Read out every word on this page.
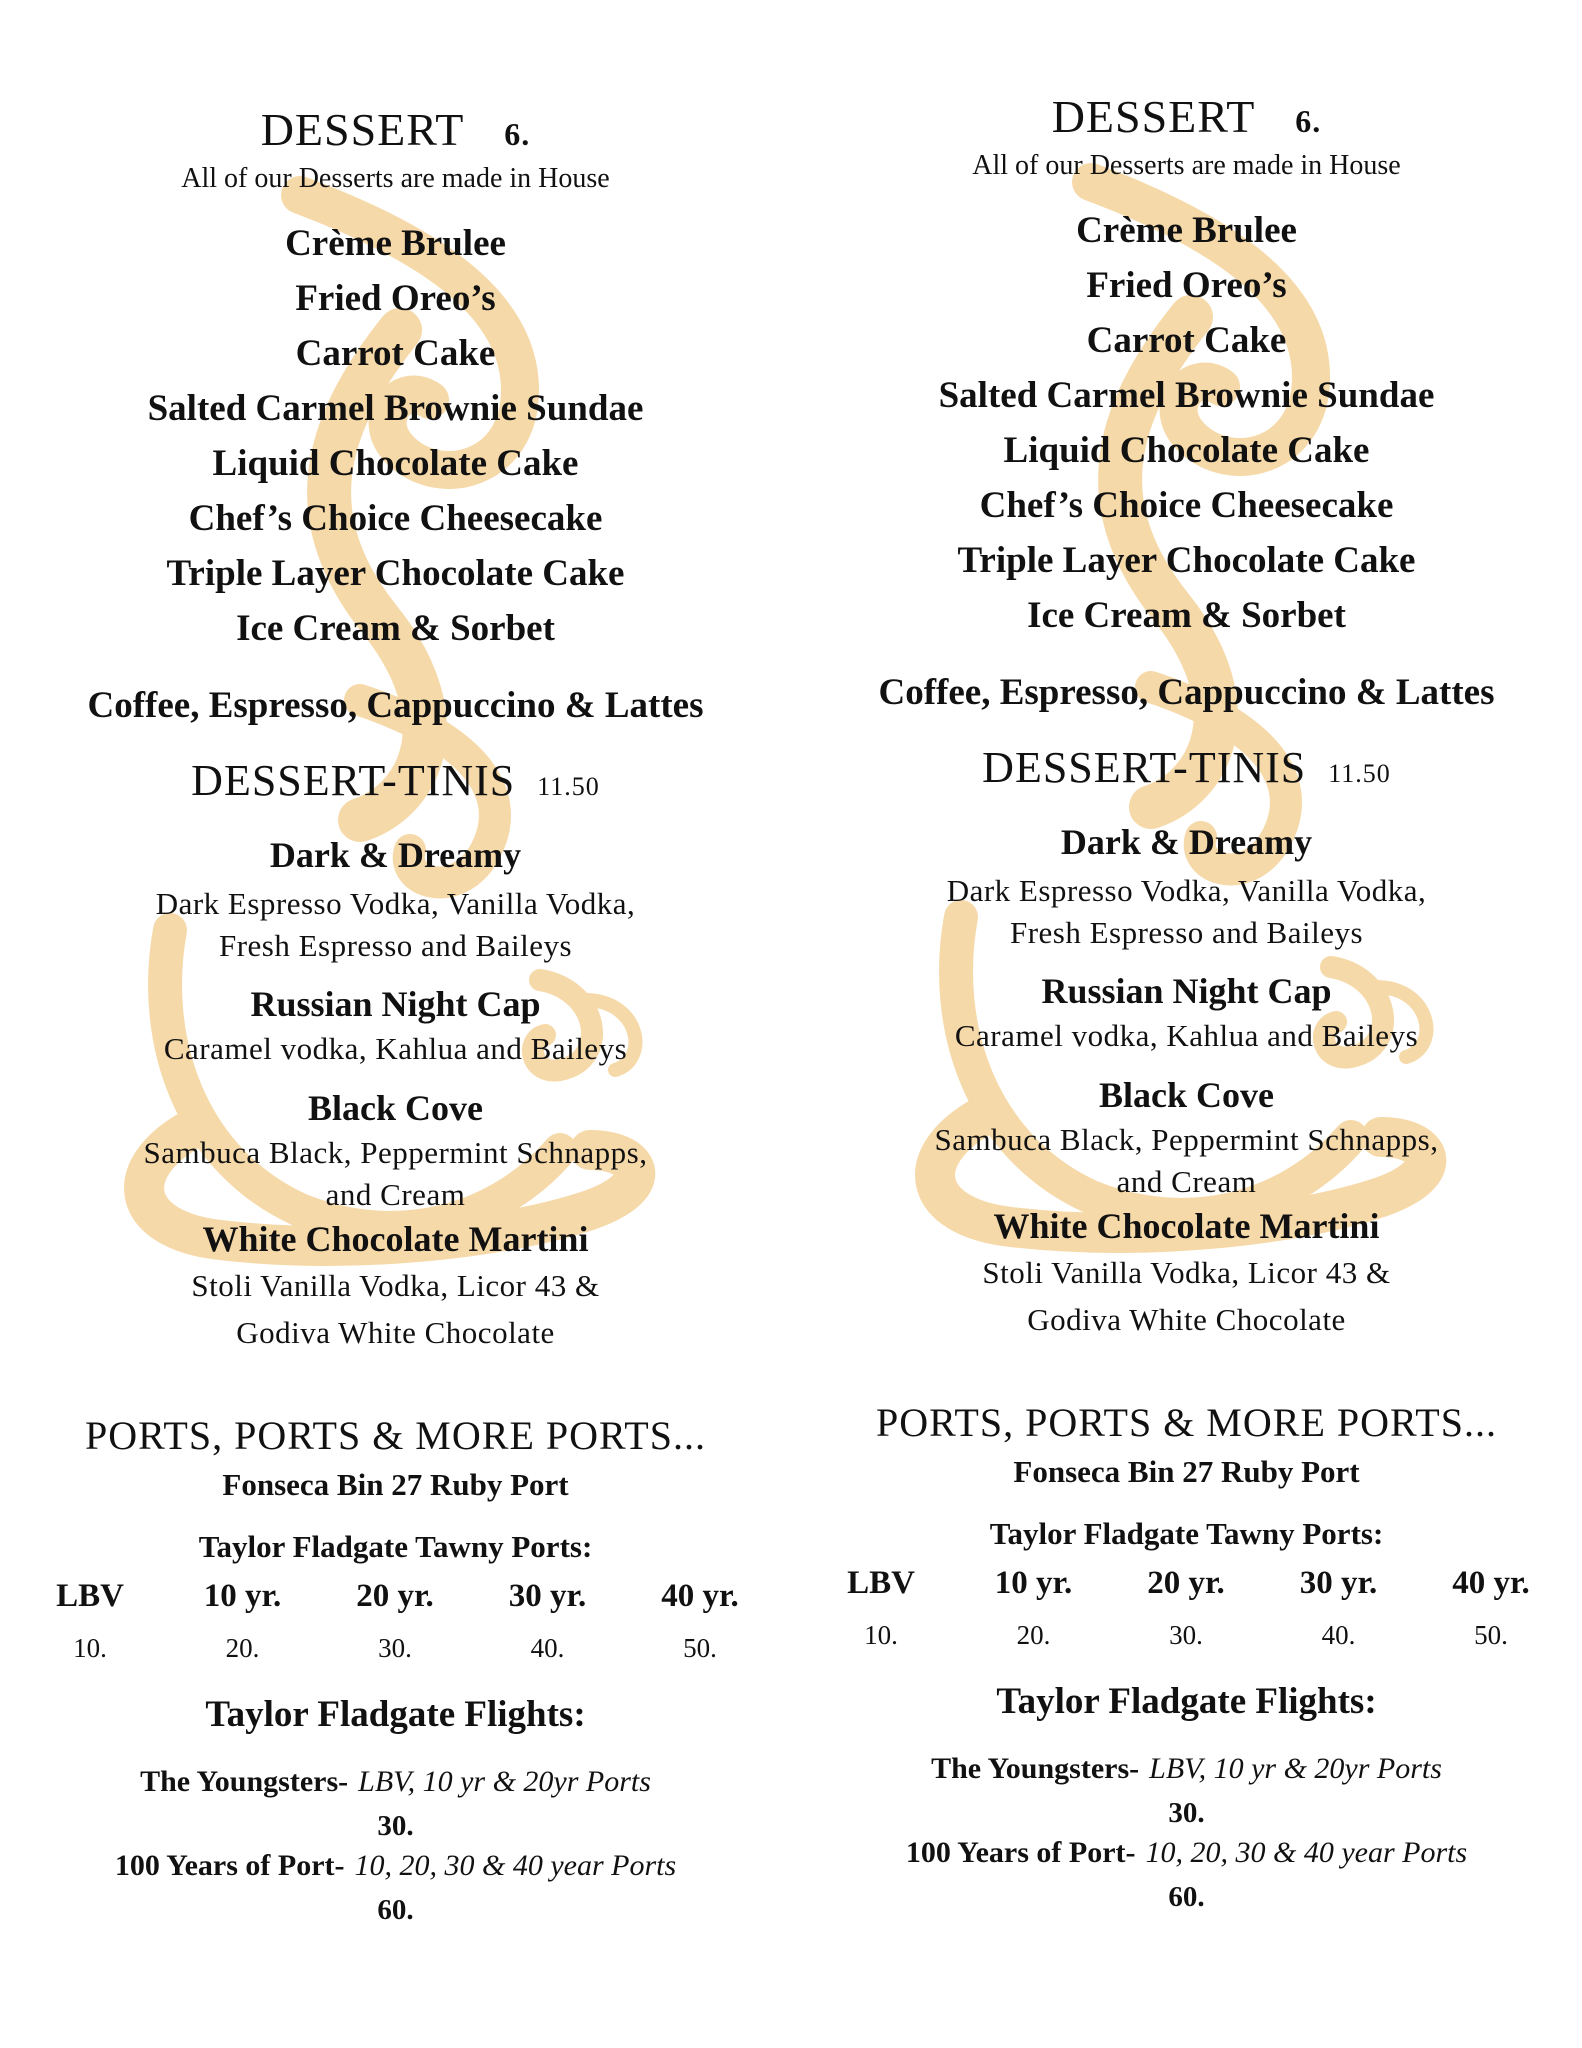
DESSERT 6.
All of our Desserts are made in House
Crème Brulee
Fried Oreo’s
Carrot Cake
Salted Carmel Brownie Sundae
Liquid Chocolate Cake
Chef’s Choice Cheesecake
Triple Layer Chocolate Cake
Ice Cream & Sorbet
Coffee, Espresso, Cappuccino & Lattes
DESSERT-TINIS 11.50
Dark & Dreamy
Dark Espresso Vodka, Vanilla Vodka,
Fresh Espresso and Baileys
Russian Night Cap
Caramel vodka, Kahlua and Baileys
Black Cove
Sambuca Black, Peppermint Schnapps,
and Cream
White Chocolate Martini
Stoli Vanilla Vodka, Licor 43 &
Godiva White Chocolate
PORTS, PORTS & MORE PORTS...
Fonseca Bin 27 Ruby Port
Taylor Fladgate Tawny Ports:
LBV	10 yr.	20 yr.	30 yr.	40 yr.
10.	20.	30.	40.	50.
Taylor Fladgate Flights:
The Youngsters- LBV, 10 yr & 20yr Ports
30.
100 Years of Port- 10, 20, 30 & 40 year Ports
60.
DESSERT 6.
All of our Desserts are made in House
Crème Brulee
Fried Oreo’s
Carrot Cake
Salted Carmel Brownie Sundae
Liquid Chocolate Cake
Chef’s Choice Cheesecake
Triple Layer Chocolate Cake
Ice Cream & Sorbet
Coffee, Espresso, Cappuccino & Lattes
DESSERT-TINIS 11.50
Dark & Dreamy
Dark Espresso Vodka, Vanilla Vodka,
Fresh Espresso and Baileys
Russian Night Cap
Caramel vodka, Kahlua and Baileys
Black Cove
Sambuca Black, Peppermint Schnapps,
and Cream
White Chocolate Martini
Stoli Vanilla Vodka, Licor 43 &
Godiva White Chocolate
PORTS, PORTS & MORE PORTS...
Fonseca Bin 27 Ruby Port
Taylor Fladgate Tawny Ports:
LBV	10 yr.	20 yr.	30 yr.	40 yr.
10.	20.	30.	40.	50.
Taylor Fladgate Flights:
The Youngsters- LBV, 10 yr & 20yr Ports
30.
100 Years of Port- 10, 20, 30 & 40 year Ports
60.
